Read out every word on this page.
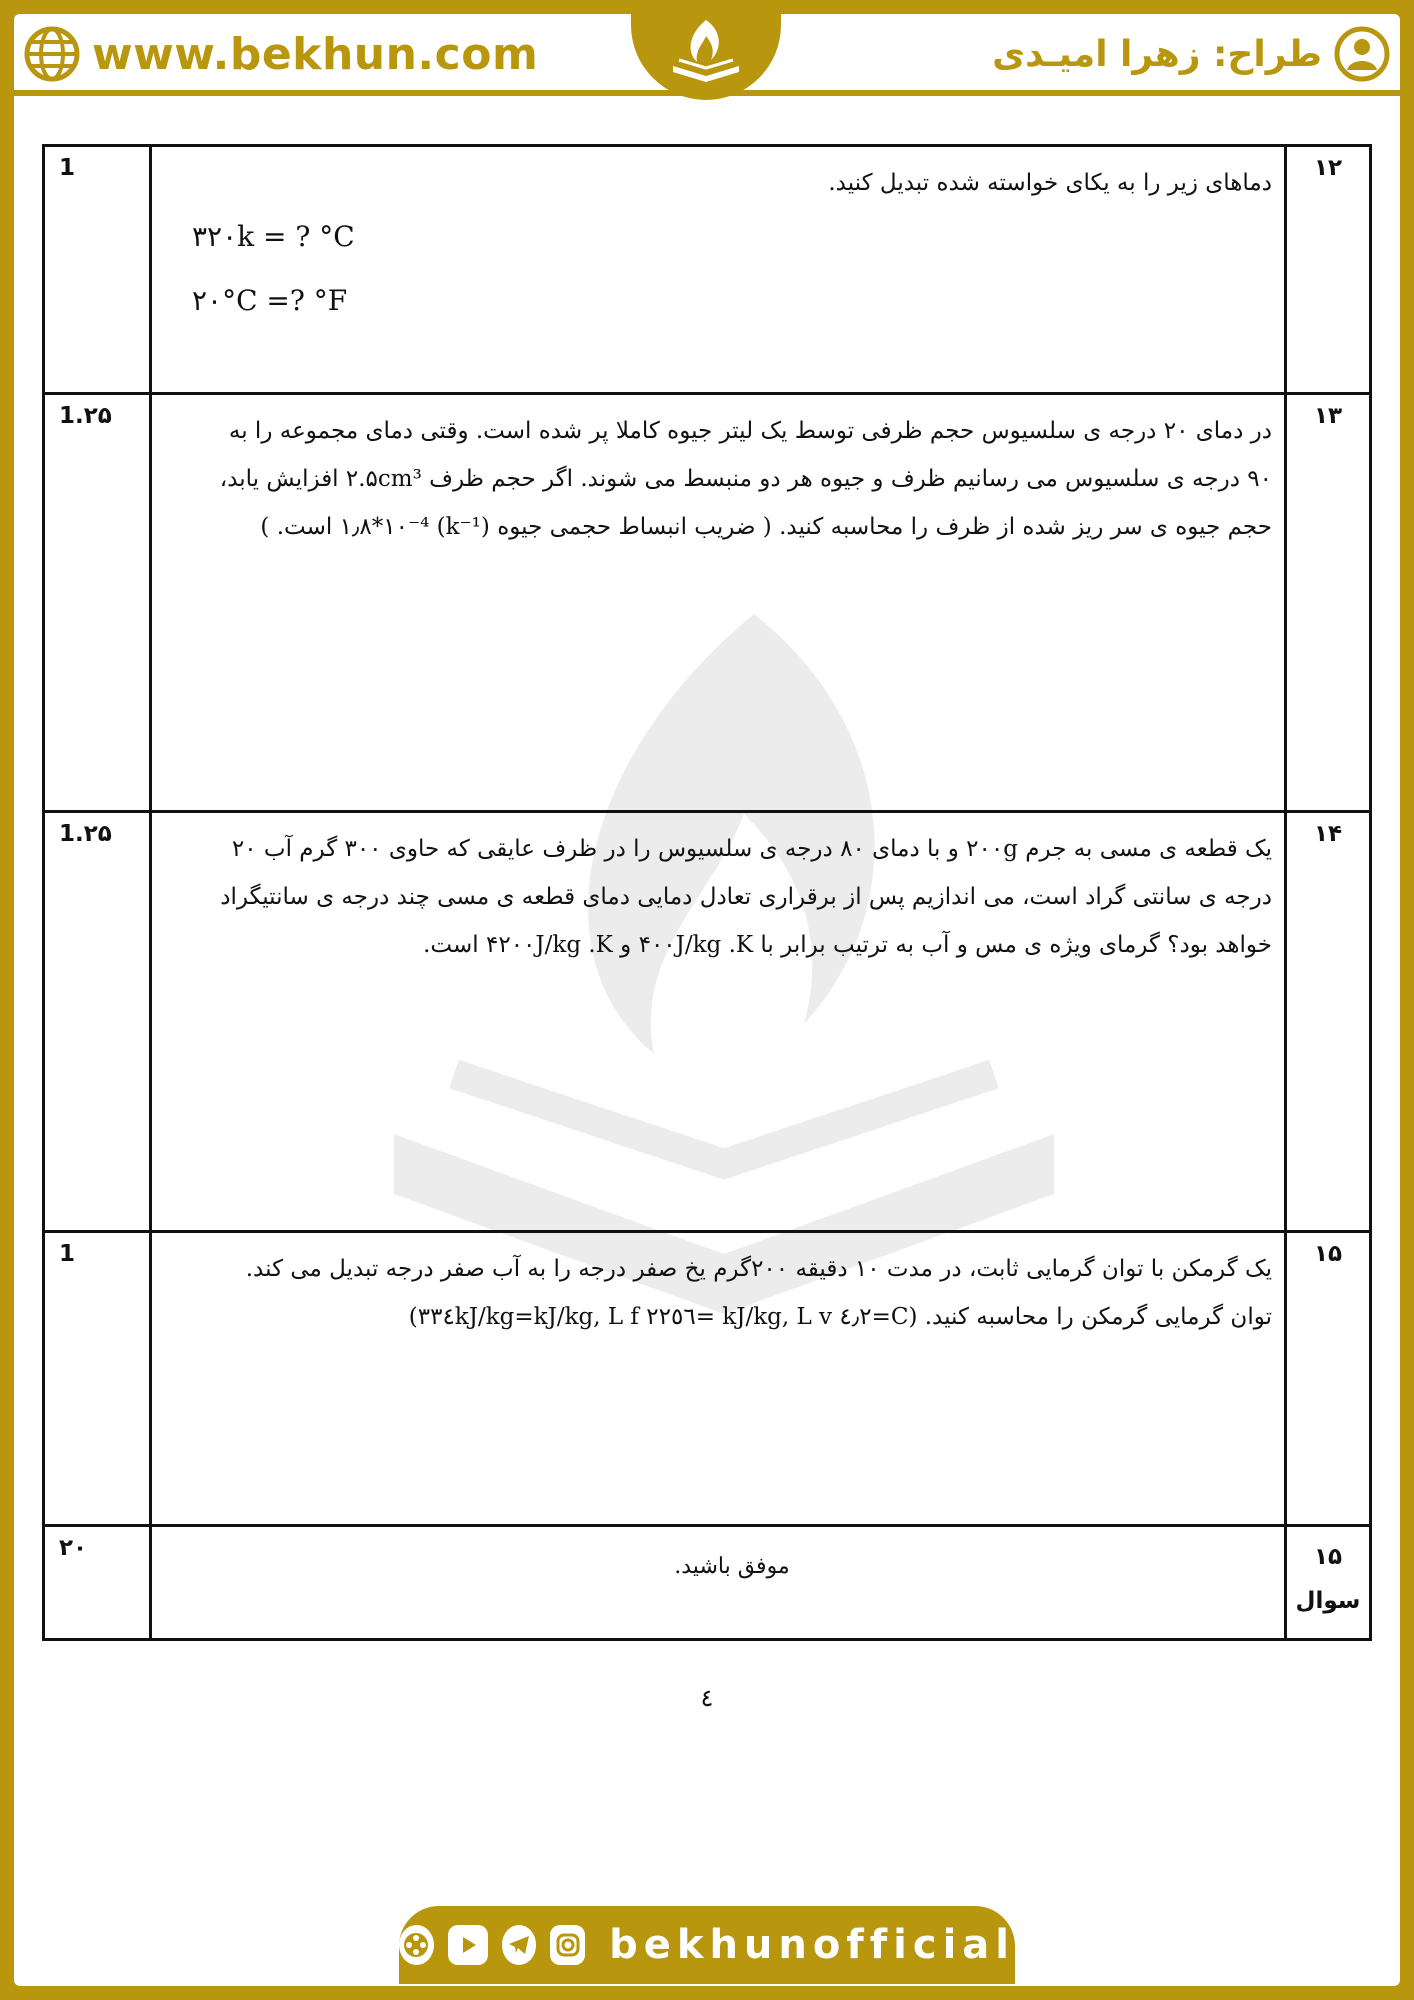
www.bekhun.com	طراح: زهرا امیـدی
۱۲	دماهای زیر را به یکای خواسته شده تبدیل کنید.
۳۲۰k = ? °C
۲۰°C =? °F	1
۱۳	در دمای ۲۰ درجه ی سلسیوس حجم ظرفی توسط یک لیتر جیوه کاملا پر شده است. وقتی دمای مجموعه را به
۹۰ درجه ی سلسیوس می رسانیم ظرف و جیوه هر دو منبسط می شوند. اگر حجم ظرف ۲.۵cm³ افزایش یابد،
حجم جیوه ی سر ریز شده از ظرف را محاسبه کنید. ( ضریب انبساط حجمی جیوه (k⁻¹) ۱٫۸*۱۰⁻⁴ است. )	1.۲۵
۱۴	یک قطعه ی مسی به جرم ۲۰۰g و با دمای ۸۰ درجه ی سلسیوس را در ظرف عایقی که حاوی ۳۰۰ گرم آب ۲۰
درجه ی سانتی گراد است، می اندازیم پس از برقراری تعادل دمایی دمای قطعه ی مسی چند درجه ی سانتیگراد
خواهد بود؟ گرمای ویژه ی مس و آب به ترتیب برابر با ۴۰۰J/kg .K و ۴۲۰۰J/kg .K است.	1.۲۵
۱۵	یک گرمکن با توان گرمایی ثابت، در مدت ۱۰ دقیقه ۲۰۰گرم یخ صفر درجه را به آب صفر درجه تبدیل می کند.
توان گرمایی گرمکن را محاسبه کنید. (C=٤٫٢ kJ/kg, L v =٢٢٥٦ kJ/kg, L f=٣٣٤kJ/kg)	1

۱۵
سوال	موفق باشید.	۲۰
٤
bekhunofficial
